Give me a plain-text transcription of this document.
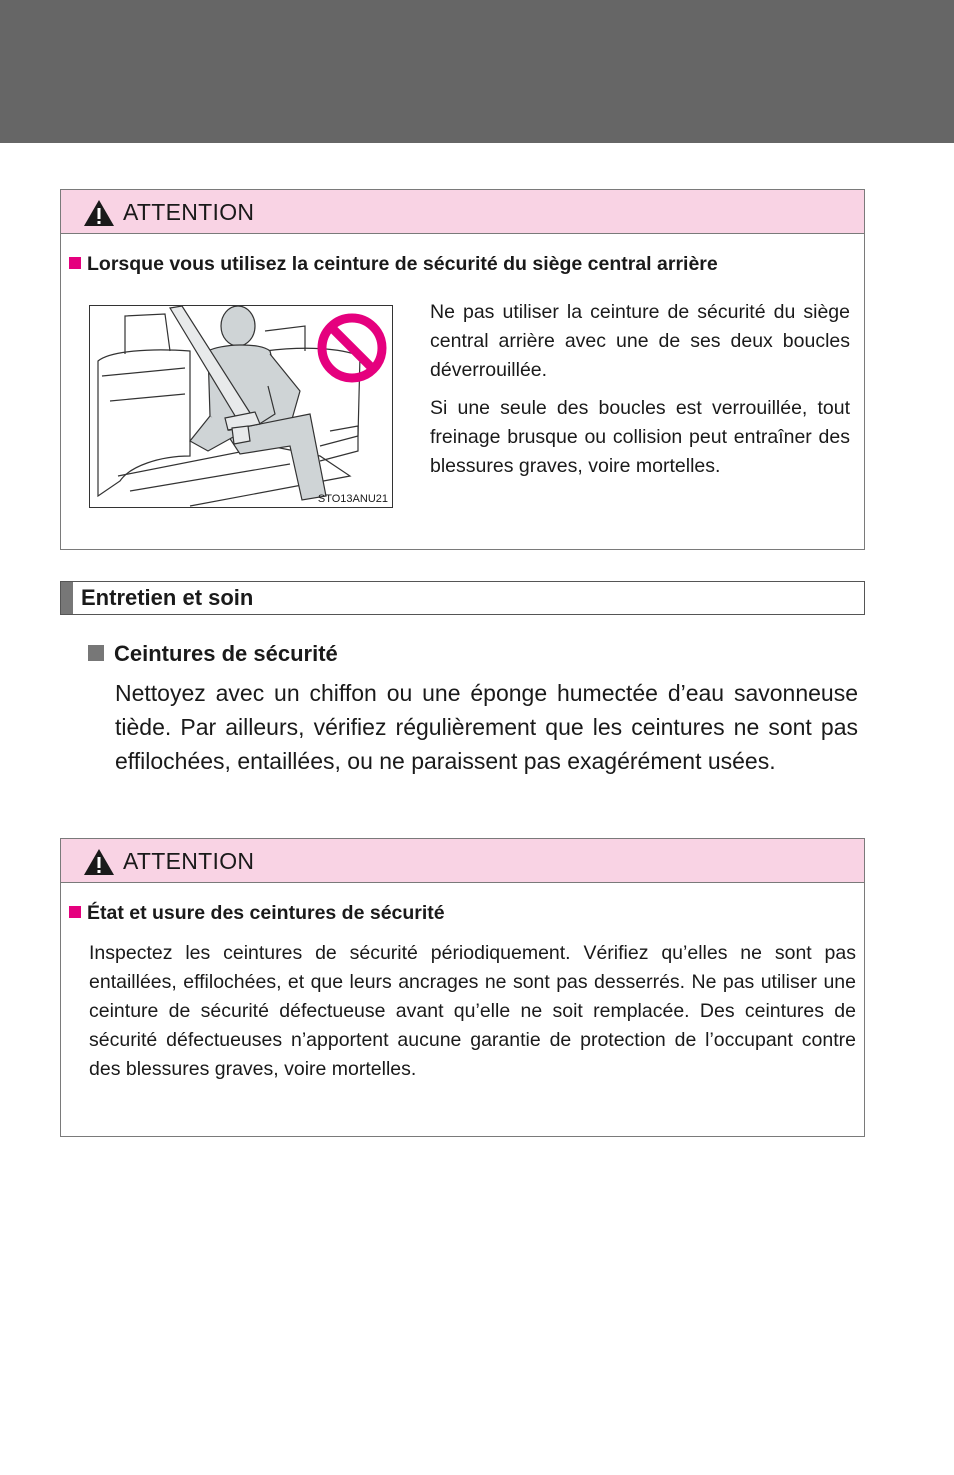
ATTENTION
Lorsque vous utilisez la ceinture de sécurité du siège central arrière
STO13ANU21

Ne pas utiliser la ceinture de sécurité du siège central arrière avec une de ses deux boucles déverrouillée.

Si une seule des boucles est verrouillée, tout freinage brusque ou collision peut entraîner des blessures graves, voire mortelles.

Entretien et soin
Ceintures de sécurité

Nettoyez avec un chiffon ou une éponge humectée d’eau savonneuse tiède. Par ailleurs, vérifiez régulièrement que les ceintures ne sont pas effilochées, entaillées, ou ne paraissent pas exagérément usées.

ATTENTION
État et usure des ceintures de sécurité

Inspectez les ceintures de sécurité périodiquement. Vérifiez qu’elles ne sont pas entaillées, effilochées, et que leurs ancrages ne sont pas desserrés. Ne pas utiliser une ceinture de sécurité défectueuse avant qu’elle ne soit remplacée. Des ceintures de sécurité défectueuses n’apportent aucune garantie de protection de l’occupant contre des blessures graves, voire mortelles.
